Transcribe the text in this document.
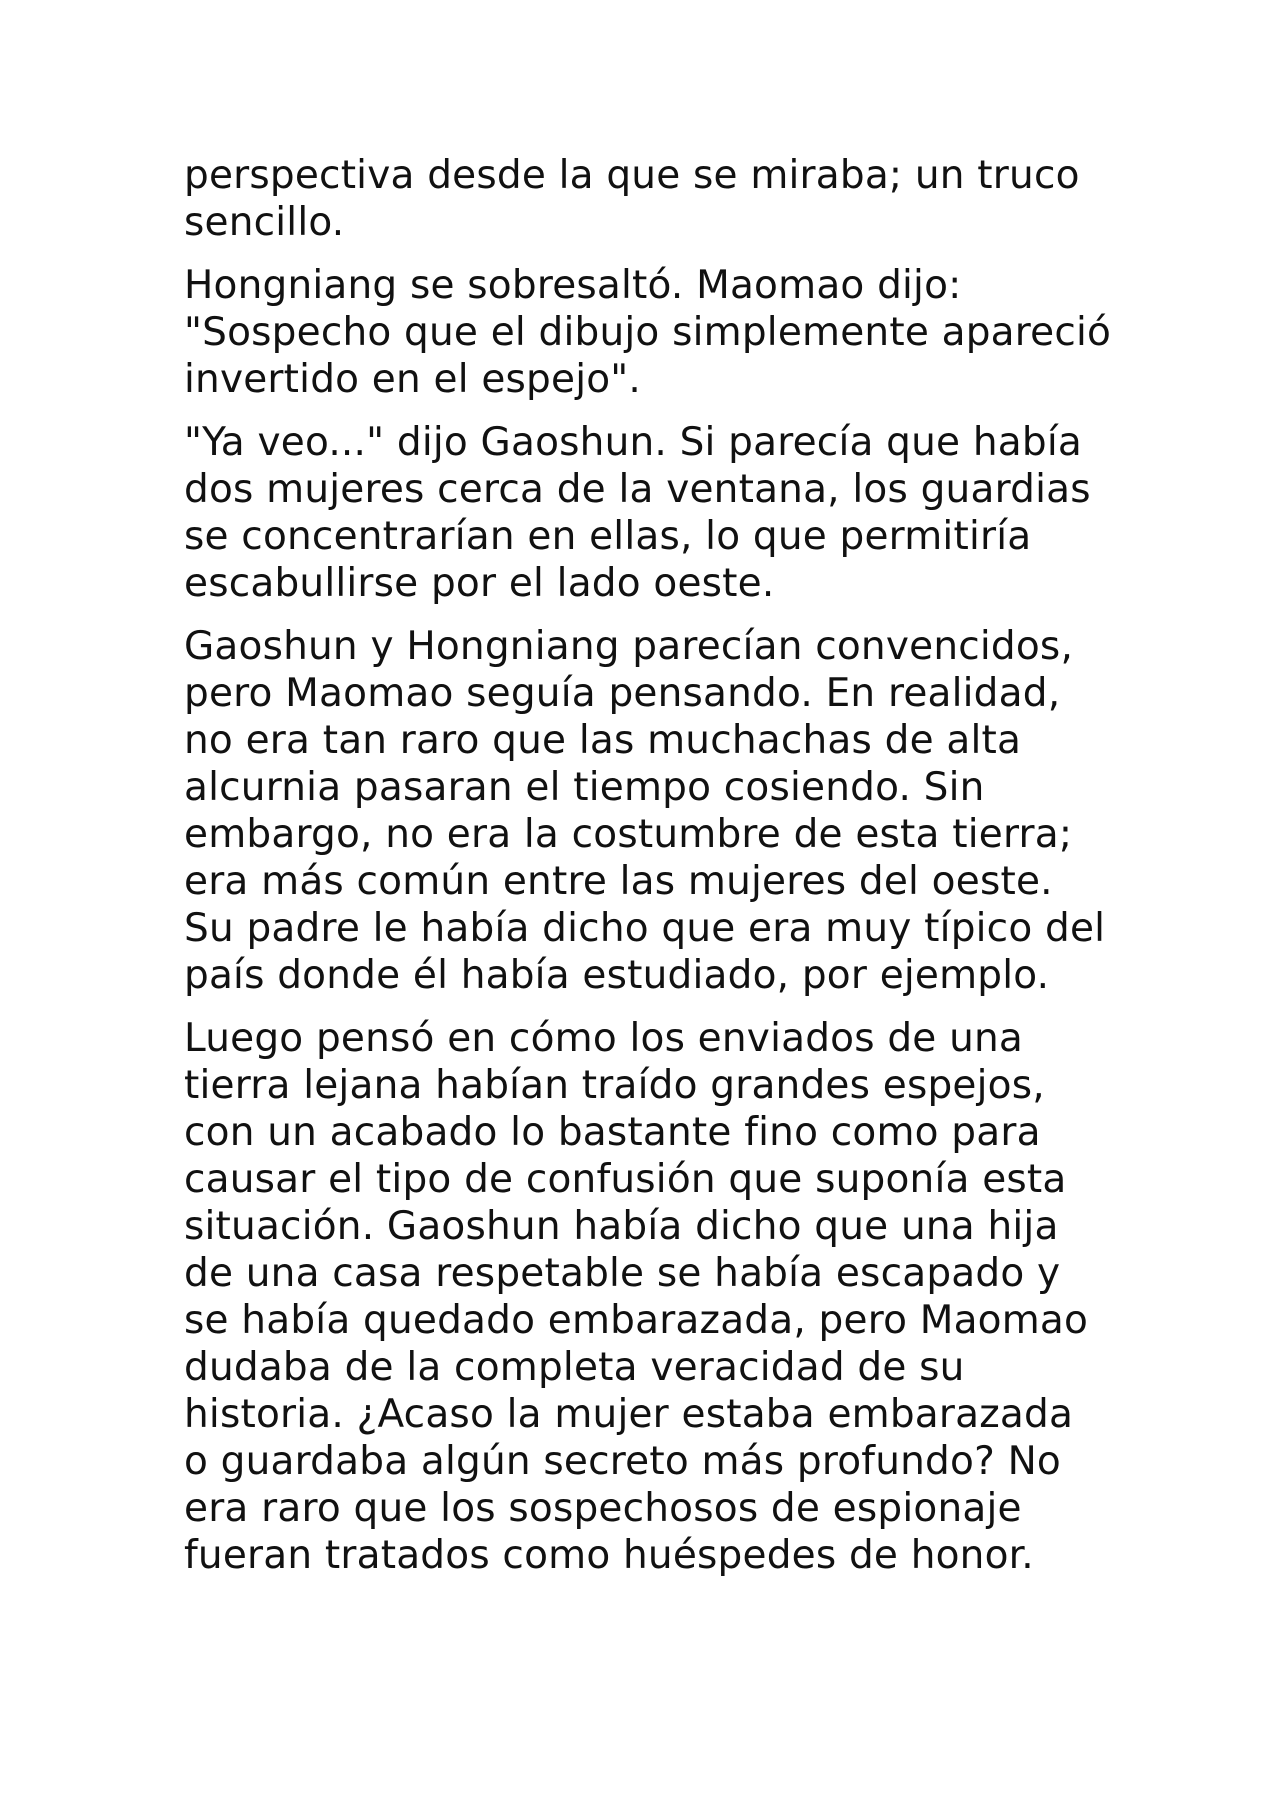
perspectiva desde la que se miraba; un truco
sencillo.

Hongniang se sobresaltó. Maomao dijo:
"Sospecho que el dibujo simplemente apareció
invertido en el espejo".

"Ya veo..." dijo Gaoshun. Si parecía que había
dos mujeres cerca de la ventana, los guardias
se concentrarían en ellas, lo que permitiría
escabullirse por el lado oeste.

Gaoshun y Hongniang parecían convencidos,
pero Maomao seguía pensando. En realidad,
no era tan raro que las muchachas de alta
alcurnia pasaran el tiempo cosiendo. Sin
embargo, no era la costumbre de esta tierra;
era más común entre las mujeres del oeste.
Su padre le había dicho que era muy típico del
país donde él había estudiado, por ejemplo.

Luego pensó en cómo los enviados de una
tierra lejana habían traído grandes espejos,
con un acabado lo bastante fino como para
causar el tipo de confusión que suponía esta
situación. Gaoshun había dicho que una hija
de una casa respetable se había escapado y
se había quedado embarazada, pero Maomao
dudaba de la completa veracidad de su
historia. ¿Acaso la mujer estaba embarazada
o guardaba algún secreto más profundo? No
era raro que los sospechosos de espionaje
fueran tratados como huéspedes de honor.
